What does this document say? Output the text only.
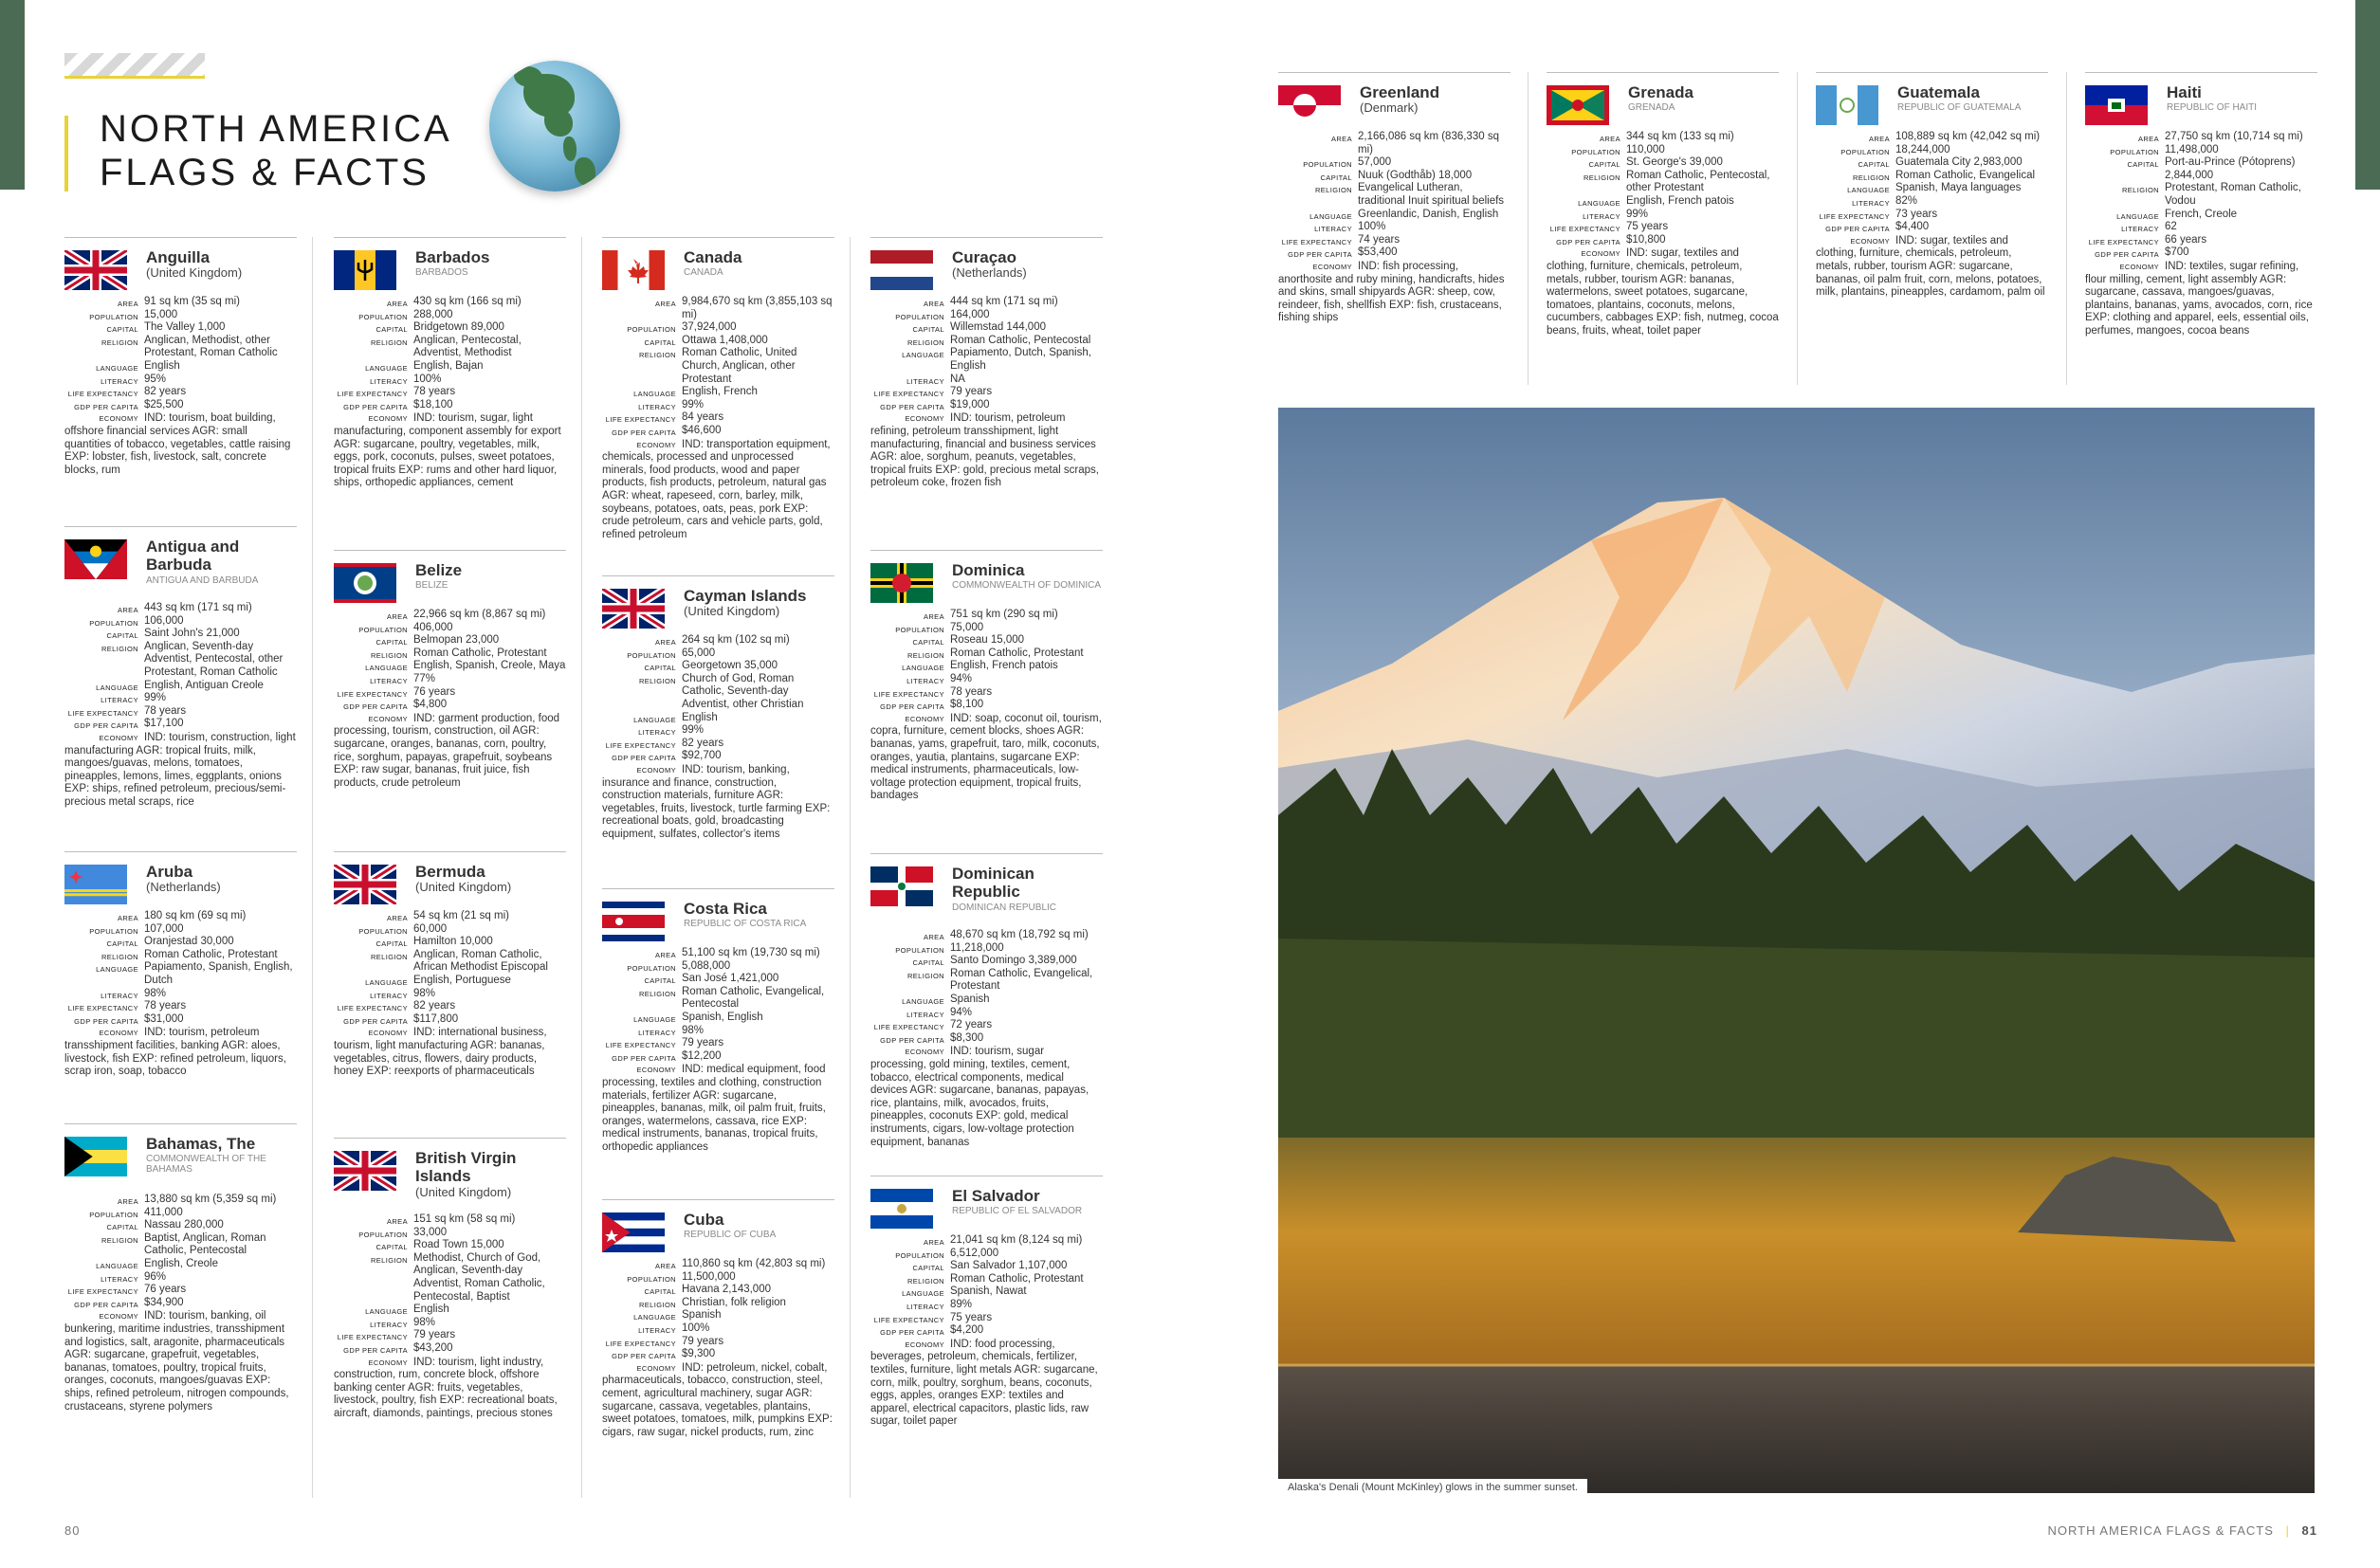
NORTH AMERICA
FLAGS & FACTS
Anguilla
(United Kingdom)
AREA 91 sq km (35 sq mi)
POPULATION 15,000
CAPITAL The Valley 1,000
RELIGION Anglican, Methodist, other Protestant, Roman Catholic
LANGUAGE English
LITERACY 95%
LIFE EXPECTANCY 82 years
GDP PER CAPITA $25,500
ECONOMY IND: tourism, boat building, offshore financial services AGR: small quantities of tobacco, vegetables, cattle raising EXP: lobster, fish, livestock, salt, concrete blocks, rum
Antigua and Barbuda
ANTIGUA AND BARBUDA
AREA 443 sq km (171 sq mi)
POPULATION 106,000
CAPITAL Saint John's 21,000
RELIGION Anglican, Seventh-day Adventist, Pentecostal, other Protestant, Roman Catholic
LANGUAGE English, Antiguan Creole
LITERACY 99%
LIFE EXPECTANCY 78 years
GDP PER CAPITA $17,100
ECONOMY IND: tourism, construction, light manufacturing AGR: tropical fruits, milk, mangoes/guavas, melons, tomatoes, pineapples, lemons, limes, eggplants, onions EXP: ships, refined petroleum, precious/semi-precious metal scraps, rice
Aruba
(Netherlands)
AREA 180 sq km (69 sq mi)
POPULATION 107,000
CAPITAL Oranjestad 30,000
RELIGION Roman Catholic, Protestant
LANGUAGE Papiamento, Spanish, English, Dutch
LITERACY 98%
LIFE EXPECTANCY 78 years
GDP PER CAPITA $31,000
ECONOMY IND: tourism, petroleum transshipment facilities, banking AGR: aloes, livestock, fish EXP: refined petroleum, liquors, scrap iron, soap, tobacco
Bahamas, The
COMMONWEALTH OF THE BAHAMAS
AREA 13,880 sq km (5,359 sq mi)
POPULATION 411,000
CAPITAL Nassau 280,000
RELIGION Baptist, Anglican, Roman Catholic, Pentecostal
LANGUAGE English, Creole
LITERACY 96%
LIFE EXPECTANCY 76 years
GDP PER CAPITA $34,900
ECONOMY IND: tourism, banking, oil bunkering, maritime industries, transshipment and logistics, salt, aragonite, pharmaceuticals AGR: sugarcane, grapefruit, vegetables, bananas, tomatoes, poultry, tropical fruits, oranges, coconuts, mangoes/guavas EXP: ships, refined petroleum, nitrogen compounds, crustaceans, styrene polymers
Barbados
BARBADOS
AREA 430 sq km (166 sq mi)
POPULATION 288,000
CAPITAL Bridgetown 89,000
RELIGION Anglican, Pentecostal, Adventist, Methodist
LANGUAGE English, Bajan
LITERACY 100%
LIFE EXPECTANCY 78 years
GDP PER CAPITA $18,100
ECONOMY IND: tourism, sugar, light manufacturing, component assembly for export AGR: sugarcane, poultry, vegetables, milk, eggs, pork, coconuts, pulses, sweet potatoes, tropical fruits EXP: rums and other hard liquor, ships, orthopedic appliances, cement
Belize
BELIZE
AREA 22,966 sq km (8,867 sq mi)
POPULATION 406,000
CAPITAL Belmopan 23,000
RELIGION Roman Catholic, Protestant
LANGUAGE English, Spanish, Creole, Maya
LITERACY 77%
LIFE EXPECTANCY 76 years
GDP PER CAPITA $4,800
ECONOMY IND: garment production, food processing, tourism, construction, oil AGR: sugarcane, oranges, bananas, corn, poultry, rice, sorghum, papayas, grapefruit, soybeans EXP: raw sugar, bananas, fruit juice, fish products, crude petroleum
Bermuda
(United Kingdom)
AREA 54 sq km (21 sq mi)
POPULATION 60,000
CAPITAL Hamilton 10,000
RELIGION Anglican, Roman Catholic, African Methodist Episcopal
LANGUAGE English, Portuguese
LITERACY 98%
LIFE EXPECTANCY 82 years
GDP PER CAPITA $117,800
ECONOMY IND: international business, tourism, light manufacturing AGR: bananas, vegetables, citrus, flowers, dairy products, honey EXP: reexports of pharmaceuticals
British Virgin Islands
(United Kingdom)
AREA 151 sq km (58 sq mi)
POPULATION 33,000
CAPITAL Road Town 15,000
RELIGION Methodist, Church of God, Anglican, Seventh-day Adventist, Roman Catholic, Pentecostal, Baptist
LANGUAGE English
LITERACY 98%
LIFE EXPECTANCY 79 years
GDP PER CAPITA $43,200
ECONOMY IND: tourism, light industry, construction, rum, concrete block, offshore banking center AGR: fruits, vegetables, livestock, poultry, fish EXP: recreational boats, aircraft, diamonds, paintings, precious stones
Canada
CANADA
AREA 9,984,670 sq km (3,855,103 sq mi)
POPULATION 37,924,000
CAPITAL Ottawa 1,408,000
RELIGION Roman Catholic, United Church, Anglican, other Protestant
LANGUAGE English, French
LITERACY 99%
LIFE EXPECTANCY 84 years
GDP PER CAPITA $46,600
ECONOMY IND: transportation equipment, chemicals, processed and unprocessed minerals, food products, wood and paper products, fish products, petroleum, natural gas AGR: wheat, rapeseed, corn, barley, milk, soybeans, potatoes, oats, peas, pork EXP: crude petroleum, cars and vehicle parts, gold, refined petroleum
Cayman Islands
(United Kingdom)
AREA 264 sq km (102 sq mi)
POPULATION 65,000
CAPITAL Georgetown 35,000
RELIGION Church of God, Roman Catholic, Seventh-day Adventist, other Christian
LANGUAGE English
LITERACY 99%
LIFE EXPECTANCY 82 years
GDP PER CAPITA $92,700
ECONOMY IND: tourism, banking, insurance and finance, construction, construction materials, furniture AGR: vegetables, fruits, livestock, turtle farming EXP: recreational boats, gold, broadcasting equipment, sulfates, collector's items
Costa Rica
REPUBLIC OF COSTA RICA
AREA 51,100 sq km (19,730 sq mi)
POPULATION 5,088,000
CAPITAL San José 1,421,000
RELIGION Roman Catholic, Evangelical, Pentecostal
LANGUAGE Spanish, English
LITERACY 98%
LIFE EXPECTANCY 79 years
GDP PER CAPITA $12,200
ECONOMY IND: medical equipment, food processing, textiles and clothing, construction materials, fertilizer AGR: sugarcane, pineapples, bananas, milk, oil palm fruit, fruits, oranges, watermelons, cassava, rice EXP: medical instruments, bananas, tropical fruits, orthopedic appliances
Cuba
REPUBLIC OF CUBA
AREA 110,860 sq km (42,803 sq mi)
POPULATION 11,500,000
CAPITAL Havana 2,143,000
RELIGION Christian, folk religion
LANGUAGE Spanish
LITERACY 100%
LIFE EXPECTANCY 79 years
GDP PER CAPITA $9,300
ECONOMY IND: petroleum, nickel, cobalt, pharmaceuticals, tobacco, construction, steel, cement, agricultural machinery, sugar AGR: sugarcane, cassava, vegetables, plantains, sweet potatoes, tomatoes, milk, pumpkins EXP: cigars, raw sugar, nickel products, rum, zinc
Curaçao
(Netherlands)
AREA 444 sq km (171 sq mi)
POPULATION 164,000
CAPITAL Willemstad 144,000
RELIGION Roman Catholic, Pentecostal
LANGUAGE Papiamento, Dutch, Spanish, English
LITERACY NA
LIFE EXPECTANCY 79 years
GDP PER CAPITA $19,000
ECONOMY IND: tourism, petroleum refining, petroleum transshipment, light manufacturing, financial and business services AGR: aloe, sorghum, peanuts, vegetables, tropical fruits EXP: gold, precious metal scraps, petroleum coke, frozen fish
Dominica
COMMONWEALTH OF DOMINICA
AREA 751 sq km (290 sq mi)
POPULATION 75,000
CAPITAL Roseau 15,000
RELIGION Roman Catholic, Protestant
LANGUAGE English, French patois
LITERACY 94%
LIFE EXPECTANCY 78 years
GDP PER CAPITA $8,100
ECONOMY IND: soap, coconut oil, tourism, copra, furniture, cement blocks, shoes AGR: bananas, yams, grapefruit, taro, milk, coconuts, oranges, yautia, plantains, sugarcane EXP: medical instruments, pharmaceuticals, low-voltage protection equipment, tropical fruits, bandages
Dominican Republic
DOMINICAN REPUBLIC
AREA 48,670 sq km (18,792 sq mi)
POPULATION 11,218,000
CAPITAL Santo Domingo 3,389,000
RELIGION Roman Catholic, Evangelical, Protestant
LANGUAGE Spanish
LITERACY 94%
LIFE EXPECTANCY 72 years
GDP PER CAPITA $8,300
ECONOMY IND: tourism, sugar processing, gold mining, textiles, cement, tobacco, electrical components, medical devices AGR: sugarcane, bananas, papayas, rice, plantains, milk, avocados, fruits, pineapples, coconuts EXP: gold, medical instruments, cigars, low-voltage protection equipment, bananas
El Salvador
REPUBLIC OF EL SALVADOR
AREA 21,041 sq km (8,124 sq mi)
POPULATION 6,512,000
CAPITAL San Salvador 1,107,000
RELIGION Roman Catholic, Protestant
LANGUAGE Spanish, Nawat
LITERACY 89%
LIFE EXPECTANCY 75 years
GDP PER CAPITA $4,200
ECONOMY IND: food processing, beverages, petroleum, chemicals, fertilizer, textiles, furniture, light metals AGR: sugarcane, corn, milk, poultry, sorghum, beans, coconuts, eggs, apples, oranges EXP: textiles and apparel, electrical capacitors, plastic lids, raw sugar, toilet paper
Greenland
(Denmark)
AREA 2,166,086 sq km (836,330 sq mi)
POPULATION 57,000
CAPITAL Nuuk (Godthåb) 18,000
RELIGION Evangelical Lutheran, traditional Inuit spiritual beliefs
LANGUAGE Greenlandic, Danish, English
LITERACY 100%
LIFE EXPECTANCY 74 years
GDP PER CAPITA $53,400
ECONOMY IND: fish processing, anorthosite and ruby mining, handicrafts, hides and skins, small shipyards AGR: sheep, cow, reindeer, fish, shellfish EXP: fish, crustaceans, fishing ships
Grenada
GRENADA
AREA 344 sq km (133 sq mi)
POPULATION 110,000
CAPITAL St. George's 39,000
RELIGION Roman Catholic, Pentecostal, other Protestant
LANGUAGE English, French patois
LITERACY 99%
LIFE EXPECTANCY 75 years
GDP PER CAPITA $10,800
ECONOMY IND: sugar, textiles and clothing, furniture, chemicals, petroleum, metals, rubber, tourism AGR: bananas, watermelons, sweet potatoes, sugarcane, tomatoes, plantains, coconuts, melons, cucumbers, cabbages EXP: fish, nutmeg, cocoa beans, fruits, wheat, toilet paper
Guatemala
REPUBLIC OF GUATEMALA
AREA 108,889 sq km (42,042 sq mi)
POPULATION 18,244,000
CAPITAL Guatemala City 2,983,000
RELIGION Roman Catholic, Evangelical
LANGUAGE Spanish, Maya languages
LITERACY 82%
LIFE EXPECTANCY 73 years
GDP PER CAPITA $4,400
ECONOMY IND: sugar, textiles and clothing, furniture, chemicals, petroleum, metals, rubber, tourism AGR: sugarcane, bananas, oil palm fruit, corn, melons, potatoes, milk, plantains, pineapples, cardamom, palm oil
Haiti
REPUBLIC OF HAITI
AREA 27,750 sq km (10,714 sq mi)
POPULATION 11,498,000
CAPITAL Port-au-Prince (Pótoprens) 2,844,000
RELIGION Protestant, Roman Catholic, Vodou
LANGUAGE French, Creole
LITERACY 62
LIFE EXPECTANCY 66 years
GDP PER CAPITA $700
ECONOMY IND: textiles, sugar refining, flour milling, cement, light assembly AGR: sugarcane, cassava, mangoes/guavas, plantains, bananas, yams, avocados, corn, rice EXP: clothing and apparel, eels, essential oils, perfumes, mangoes, cocoa beans
Alaska's Denali (Mount McKinley) glows in the summer sunset.
80	NORTH AMERICA FLAGS & FACTS | 81
